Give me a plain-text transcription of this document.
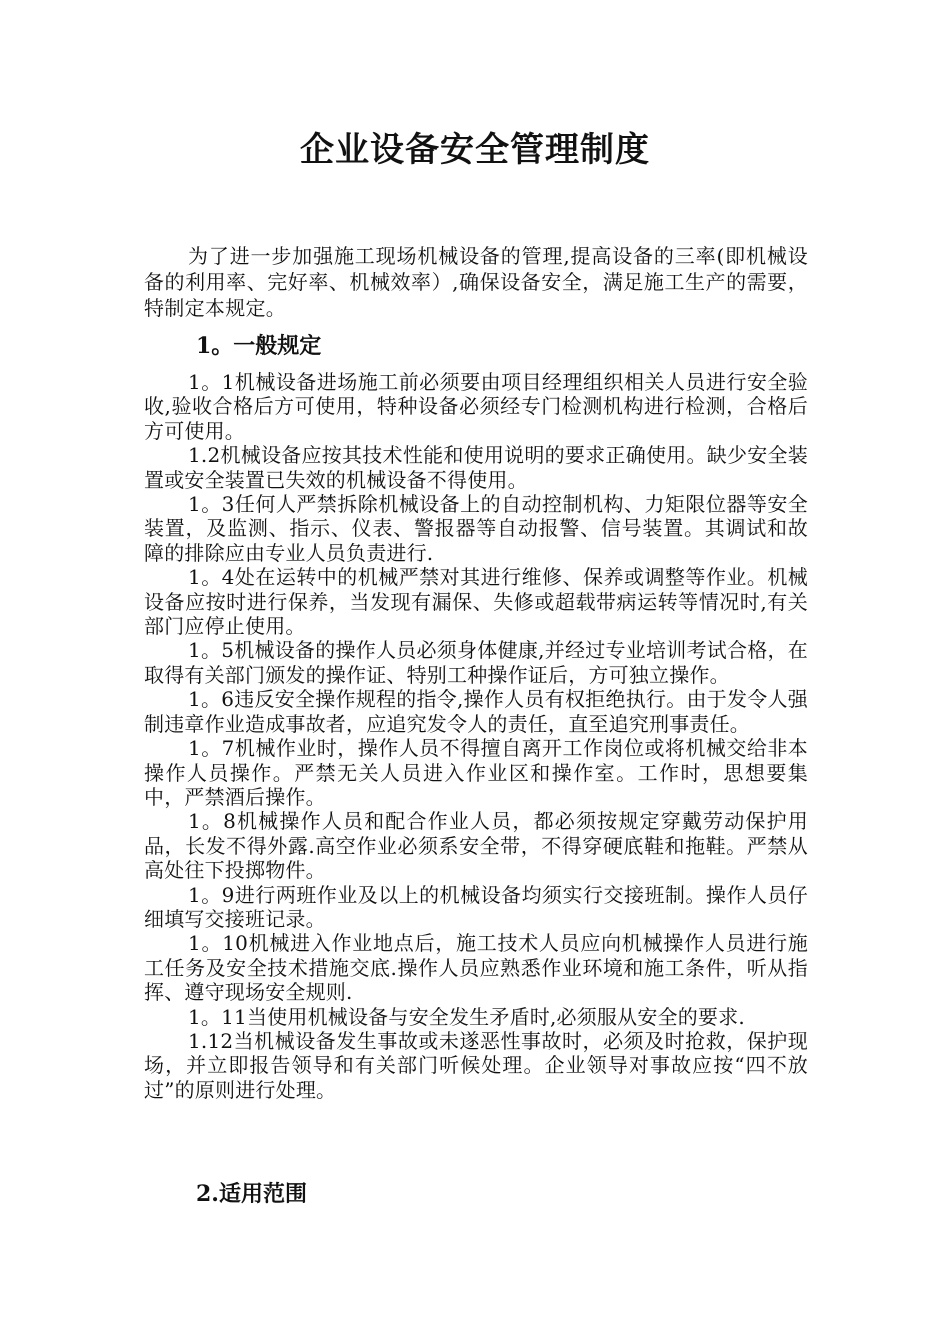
企业设备安全管理制度

为了进一步加强施工现场机械设备的管理,提高设备的三率(即机械设备的利用率、完好率、机械效率）,确保设备安全，满足施工生产的需要，特制定本规定。

1。一般规定

1。1机械设备进场施工前必须要由项目经理组织相关人员进行安全验收,验收合格后方可使用，特种设备必须经专门检测机构进行检测，合格后方可使用。

1.2机械设备应按其技术性能和使用说明的要求正确使用。缺少安全装置或安全装置已失效的机械设备不得使用。

1。3任何人严禁拆除机械设备上的自动控制机构、力矩限位器等安全装置，及监测、指示、仪表、警报器等自动报警、信号装置。其调试和故障的排除应由专业人员负责进行.

1。4处在运转中的机械严禁对其进行维修、保养或调整等作业。机械设备应按时进行保养，当发现有漏保、失修或超载带病运转等情况时,有关部门应停止使用。

1。5机械设备的操作人员必须身体健康,并经过专业培训考试合格，在取得有关部门颁发的操作证、特别工种操作证后，方可独立操作。

1。6违反安全操作规程的指令,操作人员有权拒绝执行。由于发令人强制违章作业造成事故者，应追究发令人的责任，直至追究刑事责任。

1。7机械作业时，操作人员不得擅自离开工作岗位或将机械交给非本操作人员操作。严禁无关人员进入作业区和操作室。工作时，思想要集中，严禁酒后操作。

1。8机械操作人员和配合作业人员，都必须按规定穿戴劳动保护用品，长发不得外露.高空作业必须系安全带，不得穿硬底鞋和拖鞋。严禁从高处往下投掷物件。

1。9进行两班作业及以上的机械设备均须实行交接班制。操作人员仔细填写交接班记录。

1。10机械进入作业地点后，施工技术人员应向机械操作人员进行施工任务及安全技术措施交底.操作人员应熟悉作业环境和施工条件，听从指挥、遵守现场安全规则.

1。11当使用机械设备与安全发生矛盾时,必须服从安全的要求.

1.12当机械设备发生事故或未遂恶性事故时，必须及时抢救，保护现场，并立即报告领导和有关部门听候处理。企业领导对事故应按“四不放过”的原则进行处理。

2.适用范围
